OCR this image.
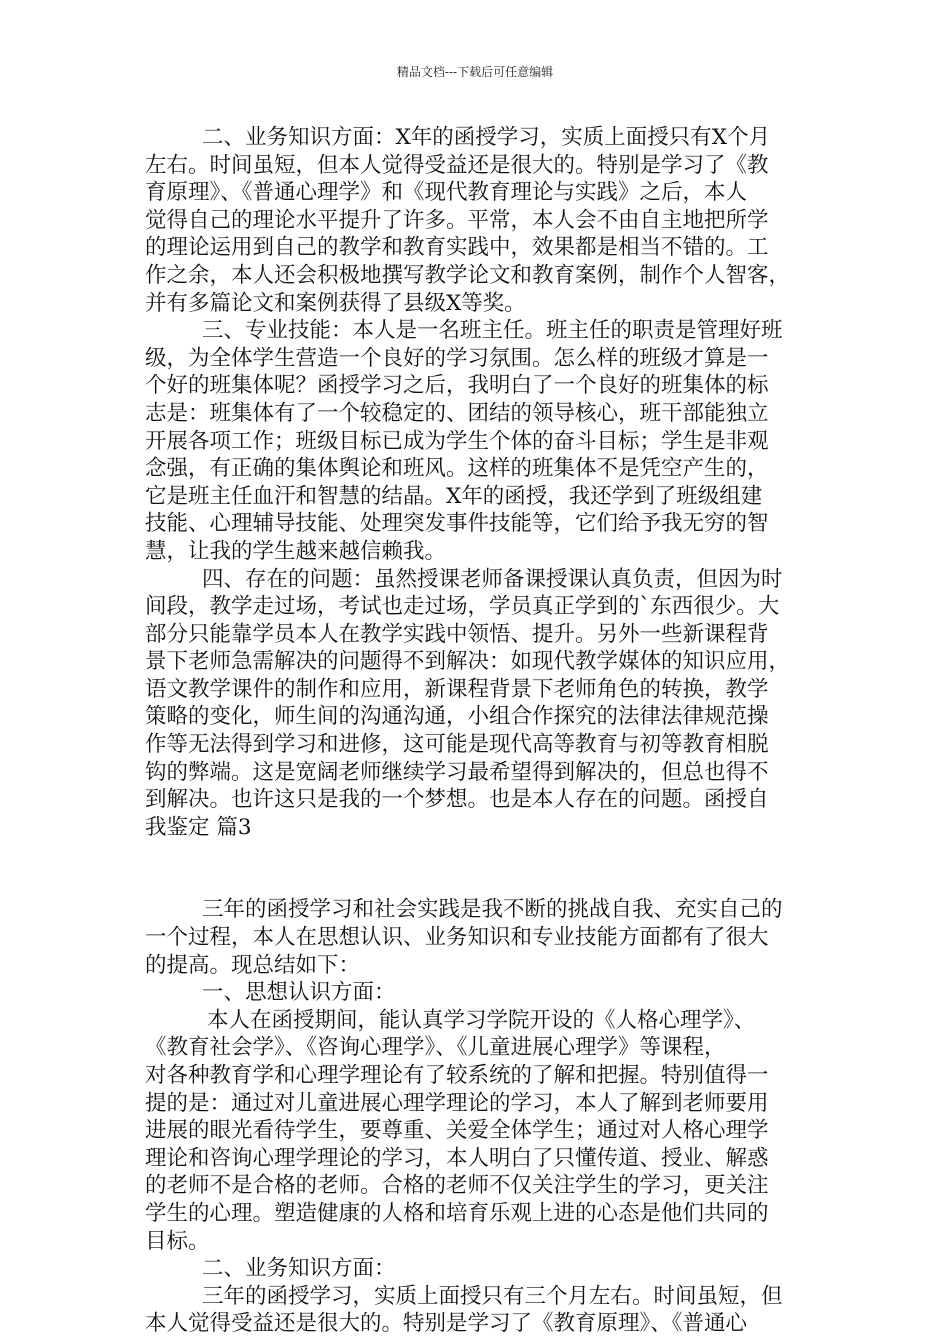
精品文档---下载后可任意编辑
二、业务知识方面：X年的函授学习，实质上面授只有X个月
左右。时间虽短，但本人觉得受益还是很大的。特别是学习了《教
育原理》、《普通心理学》和《现代教育理论与实践》之后，本人
觉得自己的理论水平提升了许多。平常，本人会不由自主地把所学
的理论运用到自己的教学和教育实践中，效果都是相当不错的。工
作之余，本人还会积极地撰写教学论文和教育案例，制作个人智客，
并有多篇论文和案例获得了县级X等奖。
三、专业技能：本人是一名班主任。班主任的职责是管理好班
级，为全体学生营造一个良好的学习氛围。怎么样的班级才算是一
个好的班集体呢？函授学习之后，我明白了一个良好的班集体的标
志是：班集体有了一个较稳定的、团结的领导核心，班干部能独立
开展各项工作；班级目标已成为学生个体的奋斗目标；学生是非观
念强，有正确的集体舆论和班风。这样的班集体不是凭空产生的，
它是班主任血汗和智慧的结晶。X年的函授，我还学到了班级组建
技能、心理辅导技能、处理突发事件技能等，它们给予我无穷的智
慧，让我的学生越来越信赖我。
四、存在的问题：虽然授课老师备课授课认真负责，但因为时
间段，教学走过场，考试也走过场，学员真正学到的`东西很少。大
部分只能靠学员本人在教学实践中领悟、提升。另外一些新课程背
景下老师急需解决的问题得不到解决：如现代教学媒体的知识应用，
语文教学课件的制作和应用，新课程背景下老师角色的转换，教学
策略的变化，师生间的沟通沟通，小组合作探究的法律法律规范操
作等无法得到学习和进修，这可能是现代高等教育与初等教育相脱
钩的弊端。这是宽阔老师继续学习最希望得到解决的，但总也得不
到解决。也许这只是我的一个梦想。也是本人存在的问题。函授自
我鉴定 篇3
三年的函授学习和社会实践是我不断的挑战自我、充实自己的
一个过程，本人在思想认识、业务知识和专业技能方面都有了很大
的提高。现总结如下：
一、思想认识方面：
本人在函授期间，能认真学习学院开设的《人格心理学》、
《教育社会学》、《咨询心理学》、《儿童进展心理学》等课程，
对各种教育学和心理学理论有了较系统的了解和把握。特别值得一
提的是：通过对儿童进展心理学理论的学习，本人了解到老师要用
进展的眼光看待学生，要尊重、关爱全体学生；通过对人格心理学
理论和咨询心理学理论的学习，本人明白了只懂传道、授业、解惑
的老师不是合格的老师。合格的老师不仅关注学生的学习，更关注
学生的心理。塑造健康的人格和培育乐观上进的心态是他们共同的
目标。
二、业务知识方面：
三年的函授学习，实质上面授只有三个月左右。时间虽短，但
本人觉得受益还是很大的。特别是学习了《教育原理》、《普通心
